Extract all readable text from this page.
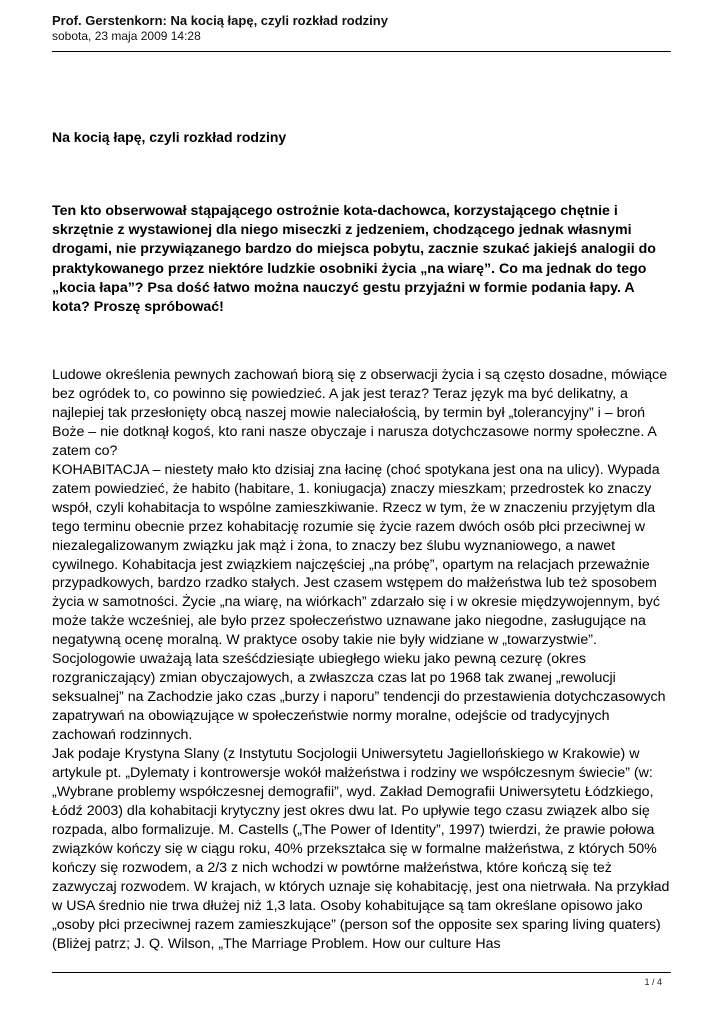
Prof. Gerstenkorn: Na kocią łapę, czyli rozkład rodziny
sobota, 23 maja 2009 14:28
Na kocią łapę, czyli rozkład rodziny
Ten kto obserwował stąpającego ostrożnie kota-dachowca, korzystającego chętnie i skrzętnie z wystawionej dla niego miseczki z jedzeniem, chodzącego jednak własnymi drogami, nie przywiązanego bardzo do miejsca pobytu, zacznie szukać jakiejś analogii do praktykowanego przez niektóre ludzkie osobniki życia „na wiarę”. Co ma jednak do tego „kocia łapa”? Psa dość łatwo można nauczyć gestu przyjaźni w formie podania łapy. A kota? Proszę spróbować!

Ludowe określenia pewnych zachowań biorą się z obserwacji życia i są często dosadne, mówiące bez ogródek to, co powinno się powiedzieć. A jak jest teraz? Teraz język ma być delikatny, a najlepiej tak przesłonięty obcą naszej mowie naleciałością, by termin był „tolerancyjny” i – broń Boże – nie dotknął kogoś, kto rani nasze obyczaje i narusza dotychczasowe normy społeczne. A zatem co?

KOHABITACJA – niestety mało kto dzisiaj zna łacinę (choć spotykana jest ona na ulicy). Wypada zatem powiedzieć, że habito (habitare, 1. koniugacja) znaczy mieszkam; przedrostek ko znaczy współ, czyli kohabitacja to wspólne zamieszkiwanie. Rzecz w tym, że w znaczeniu przyjętym dla tego terminu obecnie przez kohabitację rozumie się życie razem dwóch osób płci przeciwnej w niezalegalizowanym związku jak mąż i żona, to znaczy bez ślubu wyznaniowego, a nawet cywilnego. Kohabitacja jest związkiem najczęściej „na próbę”, opartym na relacjach przeważnie przypadkowych, bardzo rzadko stałych. Jest czasem wstępem do małżeństwa lub też sposobem życia w samotności. Życie „na wiarę, na wiórkach” zdarzało się i w okresie międzywojennym, być może także wcześniej, ale było przez społeczeństwo uznawane jako niegodne, zasługujące na negatywną ocenę moralną. W praktyce osoby takie nie były widziane w „towarzystwie”. Socjologowie uważają lata sześćdziesiąte ubiegłego wieku jako pewną cezurę (okres rozgraniczający) zmian obyczajowych, a zwłaszcza czas lat po 1968 tak zwanej „rewolucji seksualnej” na Zachodzie jako czas „burzy i naporu” tendencji do przestawienia dotychczasowych zapatrywań na obowiązujące w społeczeństwie normy moralne, odejście od tradycyjnych zachowań rodzinnych.

Jak podaje Krystyna Slany (z Instytutu Socjologii Uniwersytetu Jagiellońskiego w Krakowie) w artykule pt. „Dylematy i kontrowersje wokół małżeństwa i rodziny we współczesnym świecie” (w: „Wybrane problemy współczesnej demografii”, wyd. Zakład Demografii Uniwersytetu Łódzkiego, Łódź 2003) dla kohabitacji krytyczny jest okres dwu lat. Po upływie tego czasu związek albo się rozpada, albo formalizuje. M. Castells („The Power of Identity”, 1997) twierdzi, że prawie połowa związków kończy się w ciągu roku, 40% przekształca się w formalne małżeństwa, z których 50% kończy się rozwodem, a 2/3 z nich wchodzi w powtórne małżeństwa, które kończą się też zazwyczaj rozwodem. W krajach, w których uznaje się kohabitację, jest ona nietrwała. Na przykład w USA średnio nie trwa dłużej niż 1,3 lata. Osoby kohabitujące są tam określane opisowo jako „osoby płci przeciwnej razem zamieszkujące” (person sof the opposite sex sparing living quaters) (Bliżej patrz; J. Q. Wilson, „The Marriage Problem. How our culture Has

1 / 4
